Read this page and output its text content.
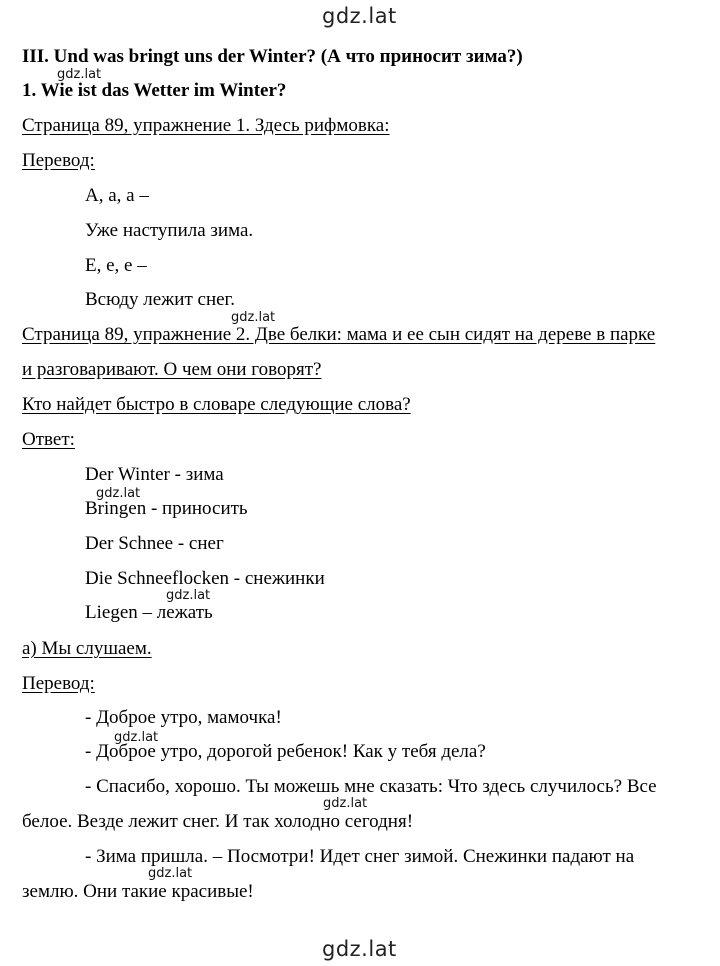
gdz.lat
III. Und was bringt uns der Winter? (А что приносит зима?)
gdz.lat
1. Wie ist das Wetter im Winter?
Страница 89, упражнение 1. Здесь рифмовка:
Перевод:
А, а, а –
Уже наступила зима.
Е, е, е –
Всюду лежит снег.
gdz.lat
Страница 89, упражнение 2. Две белки: мама и ее сын сидят на дереве в парке
и разговаривают. О чем они говорят?
Кто найдет быстро в словаре следующие слова?
Ответ:
Der Winter - зима
gdz.lat
Bringen - приносить
Der Schnee - снег
Die Schneeflocken - снежинки
gdz.lat
Liegen – лежать
а) Мы слушаем.
Перевод:
- Доброе утро, мамочка!
gdz.lat
- Доброе утро, дорогой ребенок! Как у тебя дела?
- Спасибо, хорошо. Ты можешь мне сказать: Что здесь случилось? Все
gdz.lat
белое. Везде лежит снег. И так холодно сегодня!
- Зима пришла. – Посмотри! Идет снег зимой. Снежинки падают на
gdz.lat
землю. Они такие красивые!
gdz.lat
